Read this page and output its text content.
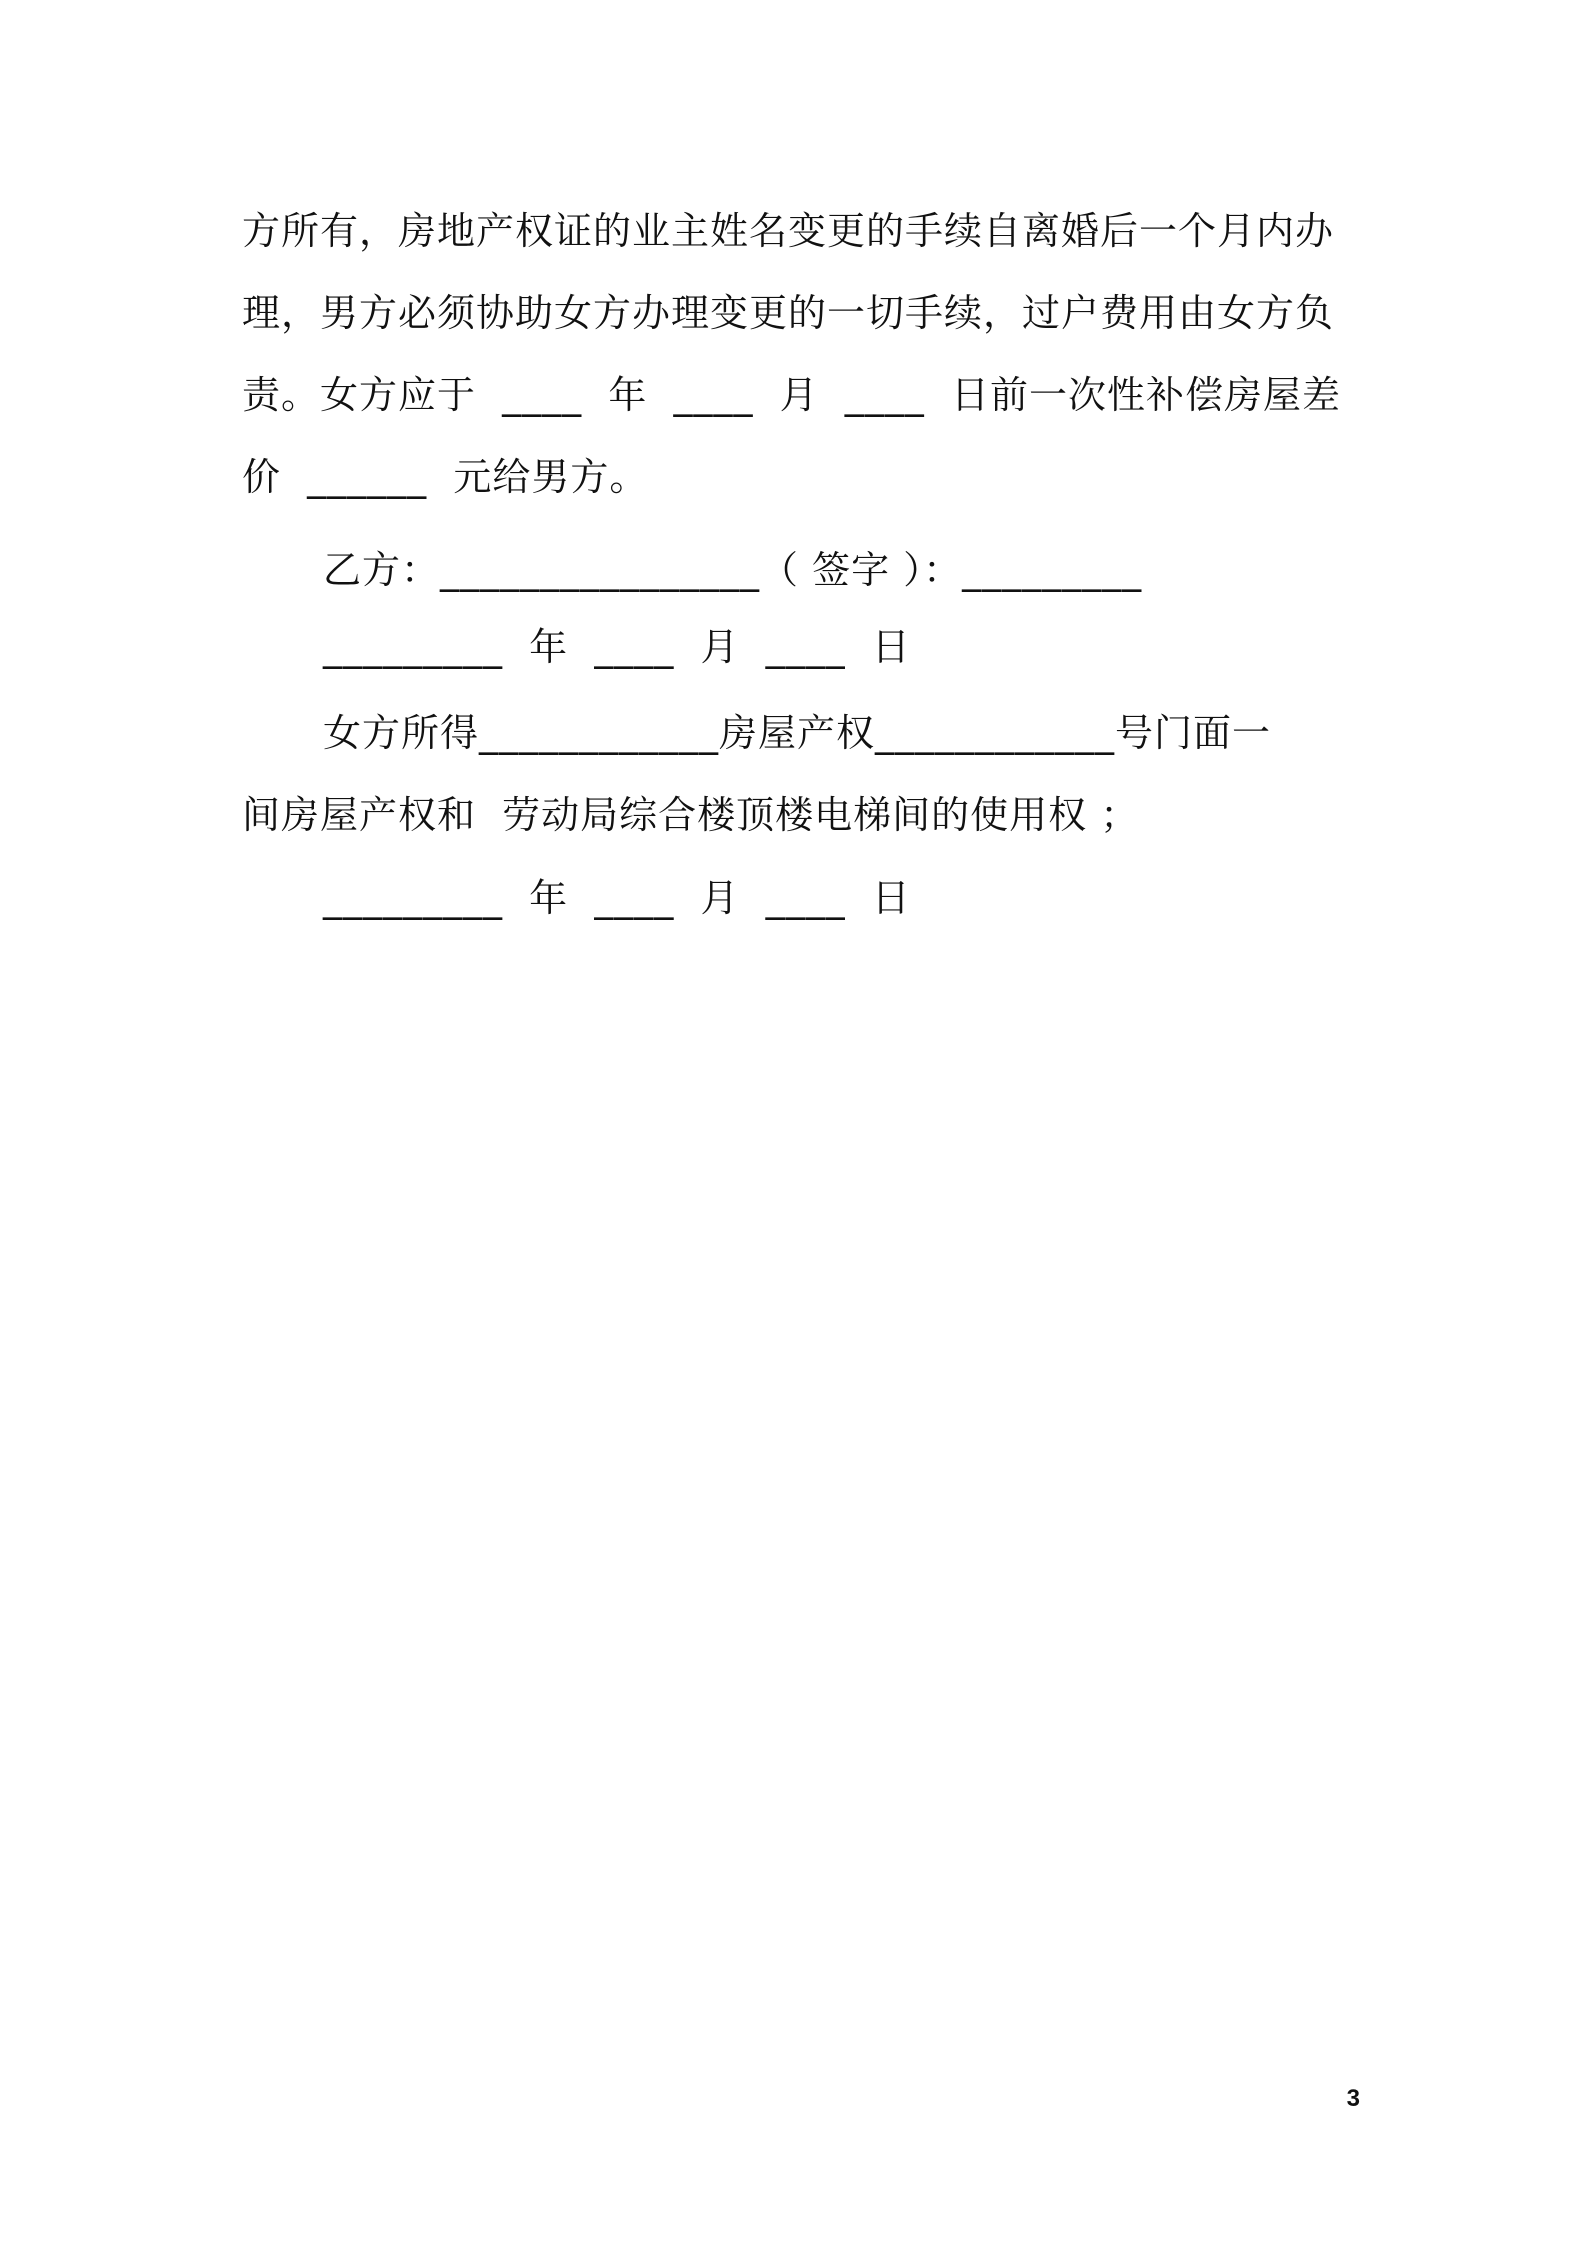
方所有，房地产权证的业主姓名变更的手续自离婚后一个月内办
理，男方必须协助女方办理变更的一切手续，过户费用由女方负
责。女方应于  ____  年  ____  月  ____  日前一次性补偿房屋差
价  ______  元给男方。
乙方：________________（ 签字 ）：_________
_________  年  ____  月  ____  日
女方所得____________房屋产权____________号门面一
间房屋产权和  劳动局综合楼顶楼电梯间的使用权 ；
_________  年  ____  月  ____  日
3
